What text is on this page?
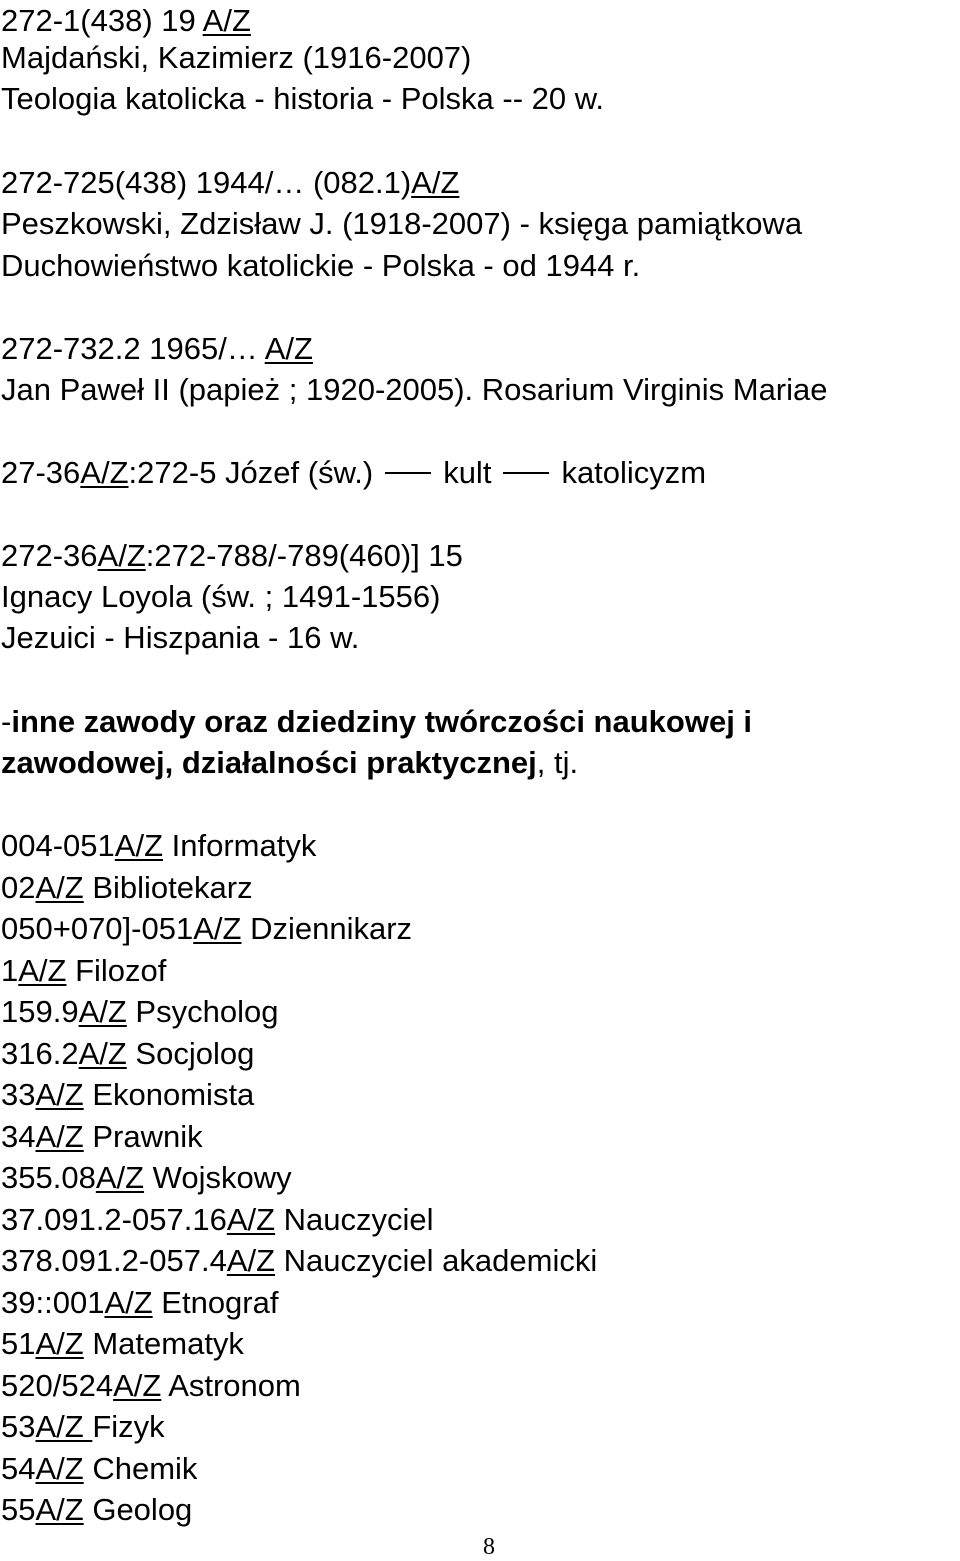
272-1(438) 19 A/Z
Majdański, Kazimierz (1916-2007)
Teologia katolicka - historia - Polska -- 20 w.
272-725(438) 1944/… (082.1)A/Z
Peszkowski, Zdzisław J. (1918-2007) - księga pamiątkowa
Duchowieństwo katolickie - Polska - od 1944 r.
272-732.2 1965/… A/Z
Jan Paweł II (papież ; 1920-2005). Rosarium Virginis Mariae
27-36A/Z:272-5 Józef (św.) kult katolicyzm
272-36A/Z:272-788/-789(460)] 15
Ignacy Loyola (św. ; 1491-1556)
Jezuici - Hiszpania - 16 w.
-inne zawody oraz dziedziny twórczości naukowej i
zawodowej, działalności praktycznej, tj.
004-051A/Z Informatyk
02A/Z Bibliotekarz
050+070]-051A/Z Dziennikarz
1A/Z Filozof
159.9A/Z Psycholog
316.2A/Z Socjolog
33A/Z Ekonomista
34A/Z Prawnik
355.08A/Z Wojskowy
37.091.2-057.16A/Z Nauczyciel
378.091.2-057.4A/Z Nauczyciel akademicki
39::001A/Z Etnograf
51A/Z Matematyk
520/524A/Z Astronom
53A/Z Fizyk
54A/Z Chemik
55A/Z Geolog
8
